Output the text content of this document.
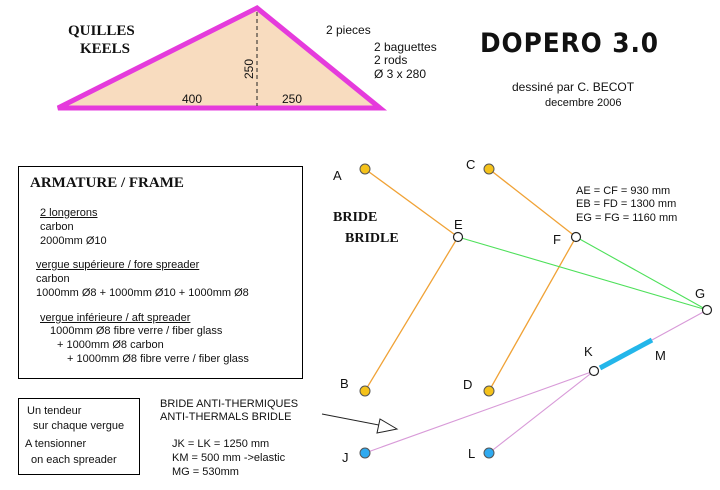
250
QUILLES
KEELS
400	250
2 pieces
2 baguettes
2 rods
Ø 3 x 280
DOPERO 3.0
dessiné par C. BECOT
decembre 2006
ARMATURE / FRAME
2 longerons
carbon
2000mm Ø10
vergue supérieure / fore spreader
carbon
1000mm Ø8 + 1000mm Ø10 + 1000mm Ø8
vergue inférieure / aft spreader
1000mm Ø8 fibre verre / fiber glass
+ 1000mm Ø8 carbon
+ 1000mm Ø8 fibre verre / fiber glass
Un tendeur
sur chaque vergue
A tensionner
on each spreader
BRIDE
BRIDLE
AE = CF = 930 mm
EB = FD = 1300 mm
EG = FG = 1160 mm
BRIDE ANTI-THERMIQUES
ANTI-THERMALS BRIDLE
JK = LK = 1250 mm
KM = 500 mm ->elastic
MG = 530mm
A
C
E
F
G
K	M
B	D
J	L
